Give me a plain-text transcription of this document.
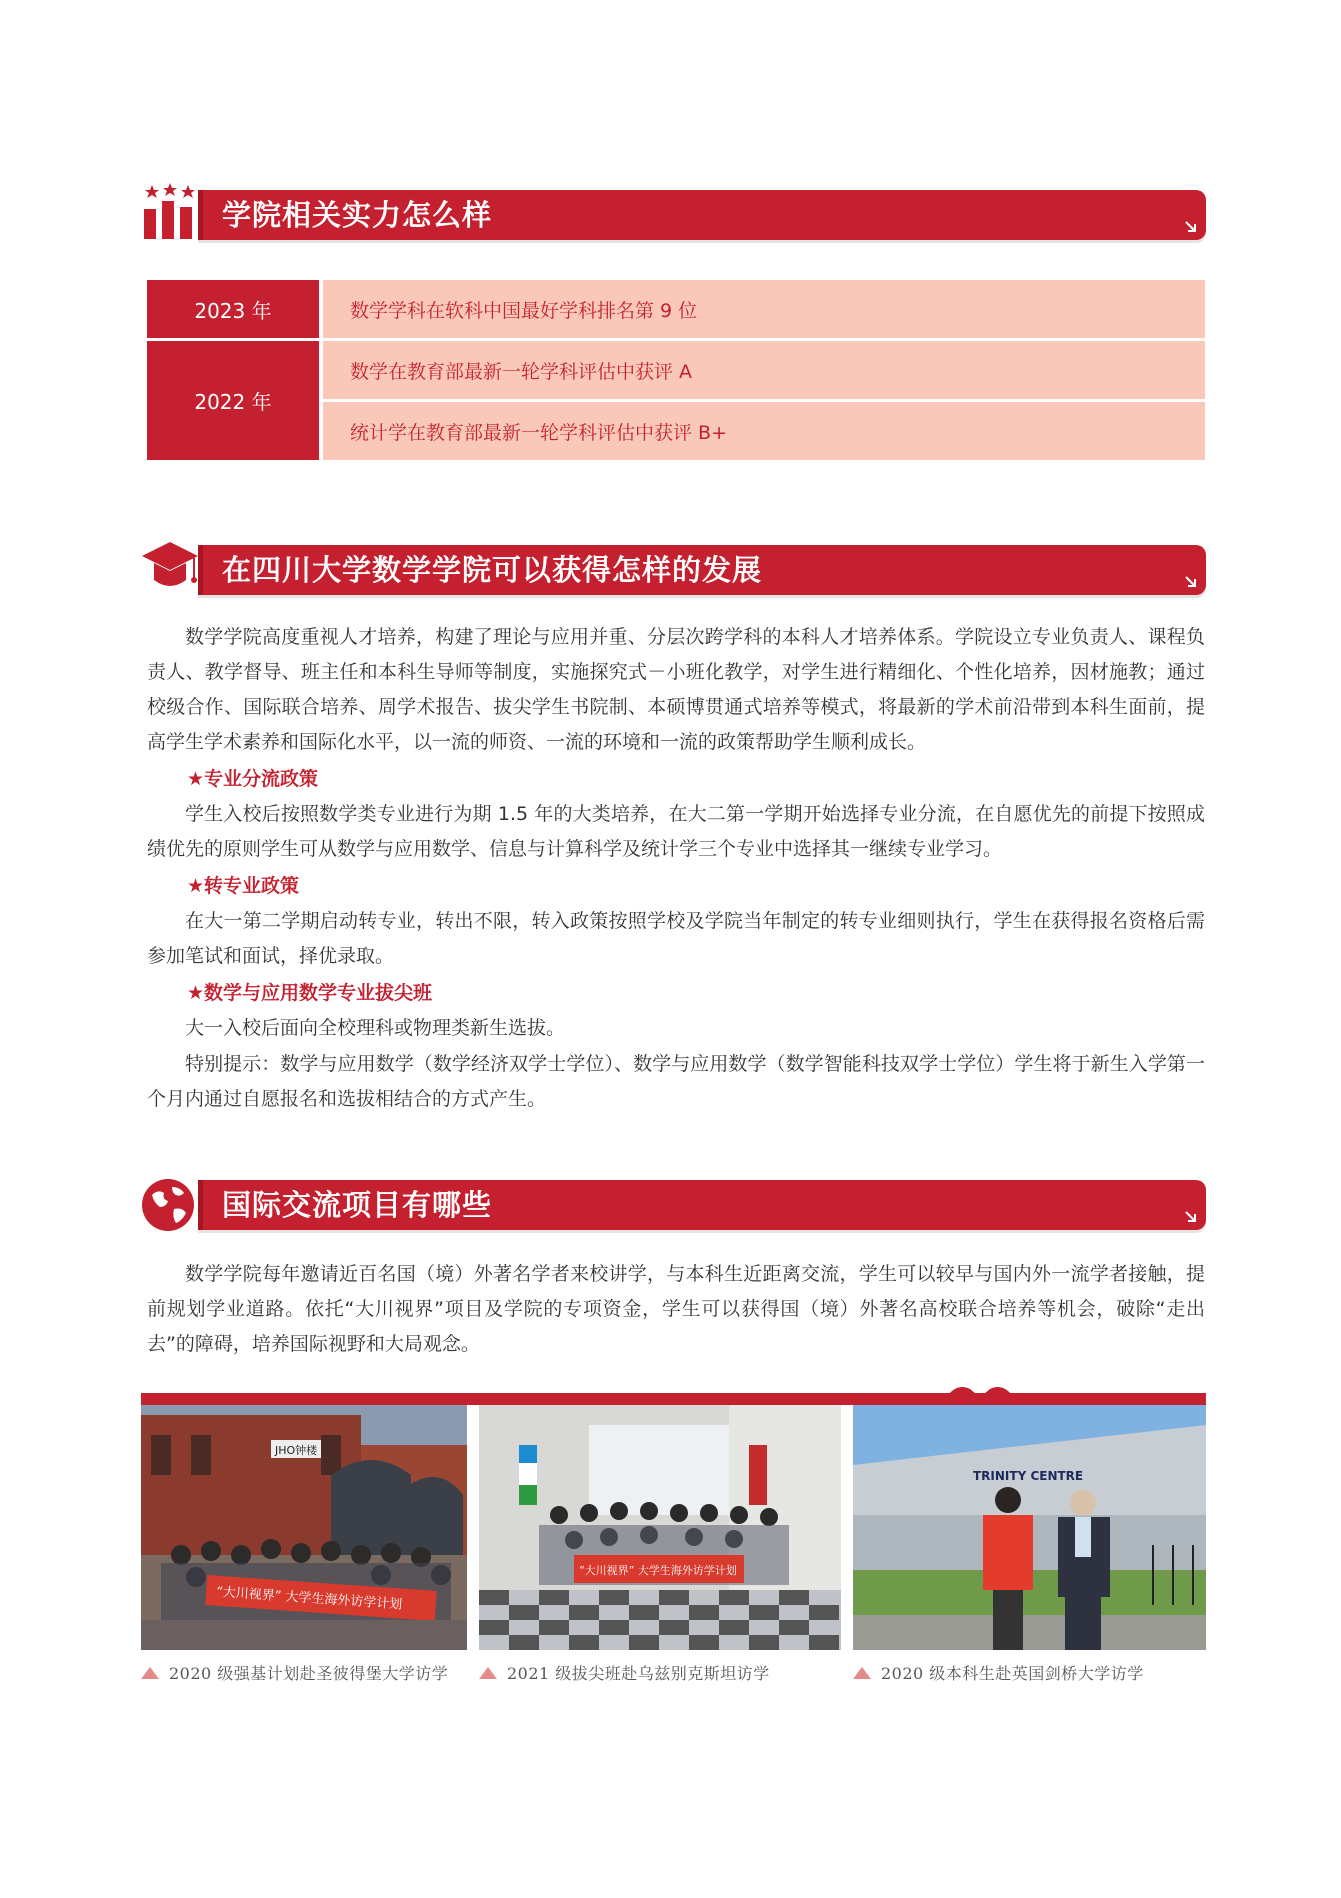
学院相关实力怎么样
2023 年	数学学科在软科中国最好学科排名第 9 位
2022 年	数学在教育部最新一轮学科评估中获评 A
	统计学在教育部最新一轮学科评估中获评 B+
在四川大学数学学院可以获得怎样的发展

数学学院高度重视人才培养，构建了理论与应用并重、分层次跨学科的本科人才培养体系。学院设立专业负责人、课程负责人、教学督导、班主任和本科生导师等制度，实施探究式－小班化教学，对学生进行精细化、个性化培养，因材施教；通过校级合作、国际联合培养、周学术报告、拔尖学生书院制、本硕博贯通式培养等模式，将最新的学术前沿带到本科生面前，提高学生学术素养和国际化水平，以一流的师资、一流的环境和一流的政策帮助学生顺利成长。

★专业分流政策

学生入校后按照数学类专业进行为期 1.5 年的大类培养，在大二第一学期开始选择专业分流，在自愿优先的前提下按照成绩优先的原则学生可从数学与应用数学、信息与计算科学及统计学三个专业中选择其一继续专业学习。

★转专业政策

在大一第二学期启动转专业，转出不限，转入政策按照学校及学院当年制定的转专业细则执行，学生在获得报名资格后需参加笔试和面试，择优录取。

★数学与应用数学专业拔尖班

大一入校后面向全校理科或物理类新生选拔。

特别提示：数学与应用数学（数学经济双学士学位）、数学与应用数学（数学智能科技双学士学位）学生将于新生入学第一个月内通过自愿报名和选拔相结合的方式产生。

国际交流项目有哪些

数学学院每年邀请近百名国（境）外著名学者来校讲学，与本科生近距离交流，学生可以较早与国内外一流学者接触，提前规划学业道路。依托“大川视界”项目及学院的专项资金，学生可以获得国（境）外著名高校联合培养等机会，破除“走出去”的障碍，培养国际视野和大局观念。

JHO钟楼
“大川视界” 大学生海外访学计划
“大川视界” 大学生海外访学计划
TRINITY CENTRE
2020 级强基计划赴圣彼得堡大学访学	2021 级拔尖班赴乌兹别克斯坦访学	2020 级本科生赴英国剑桥大学访学
